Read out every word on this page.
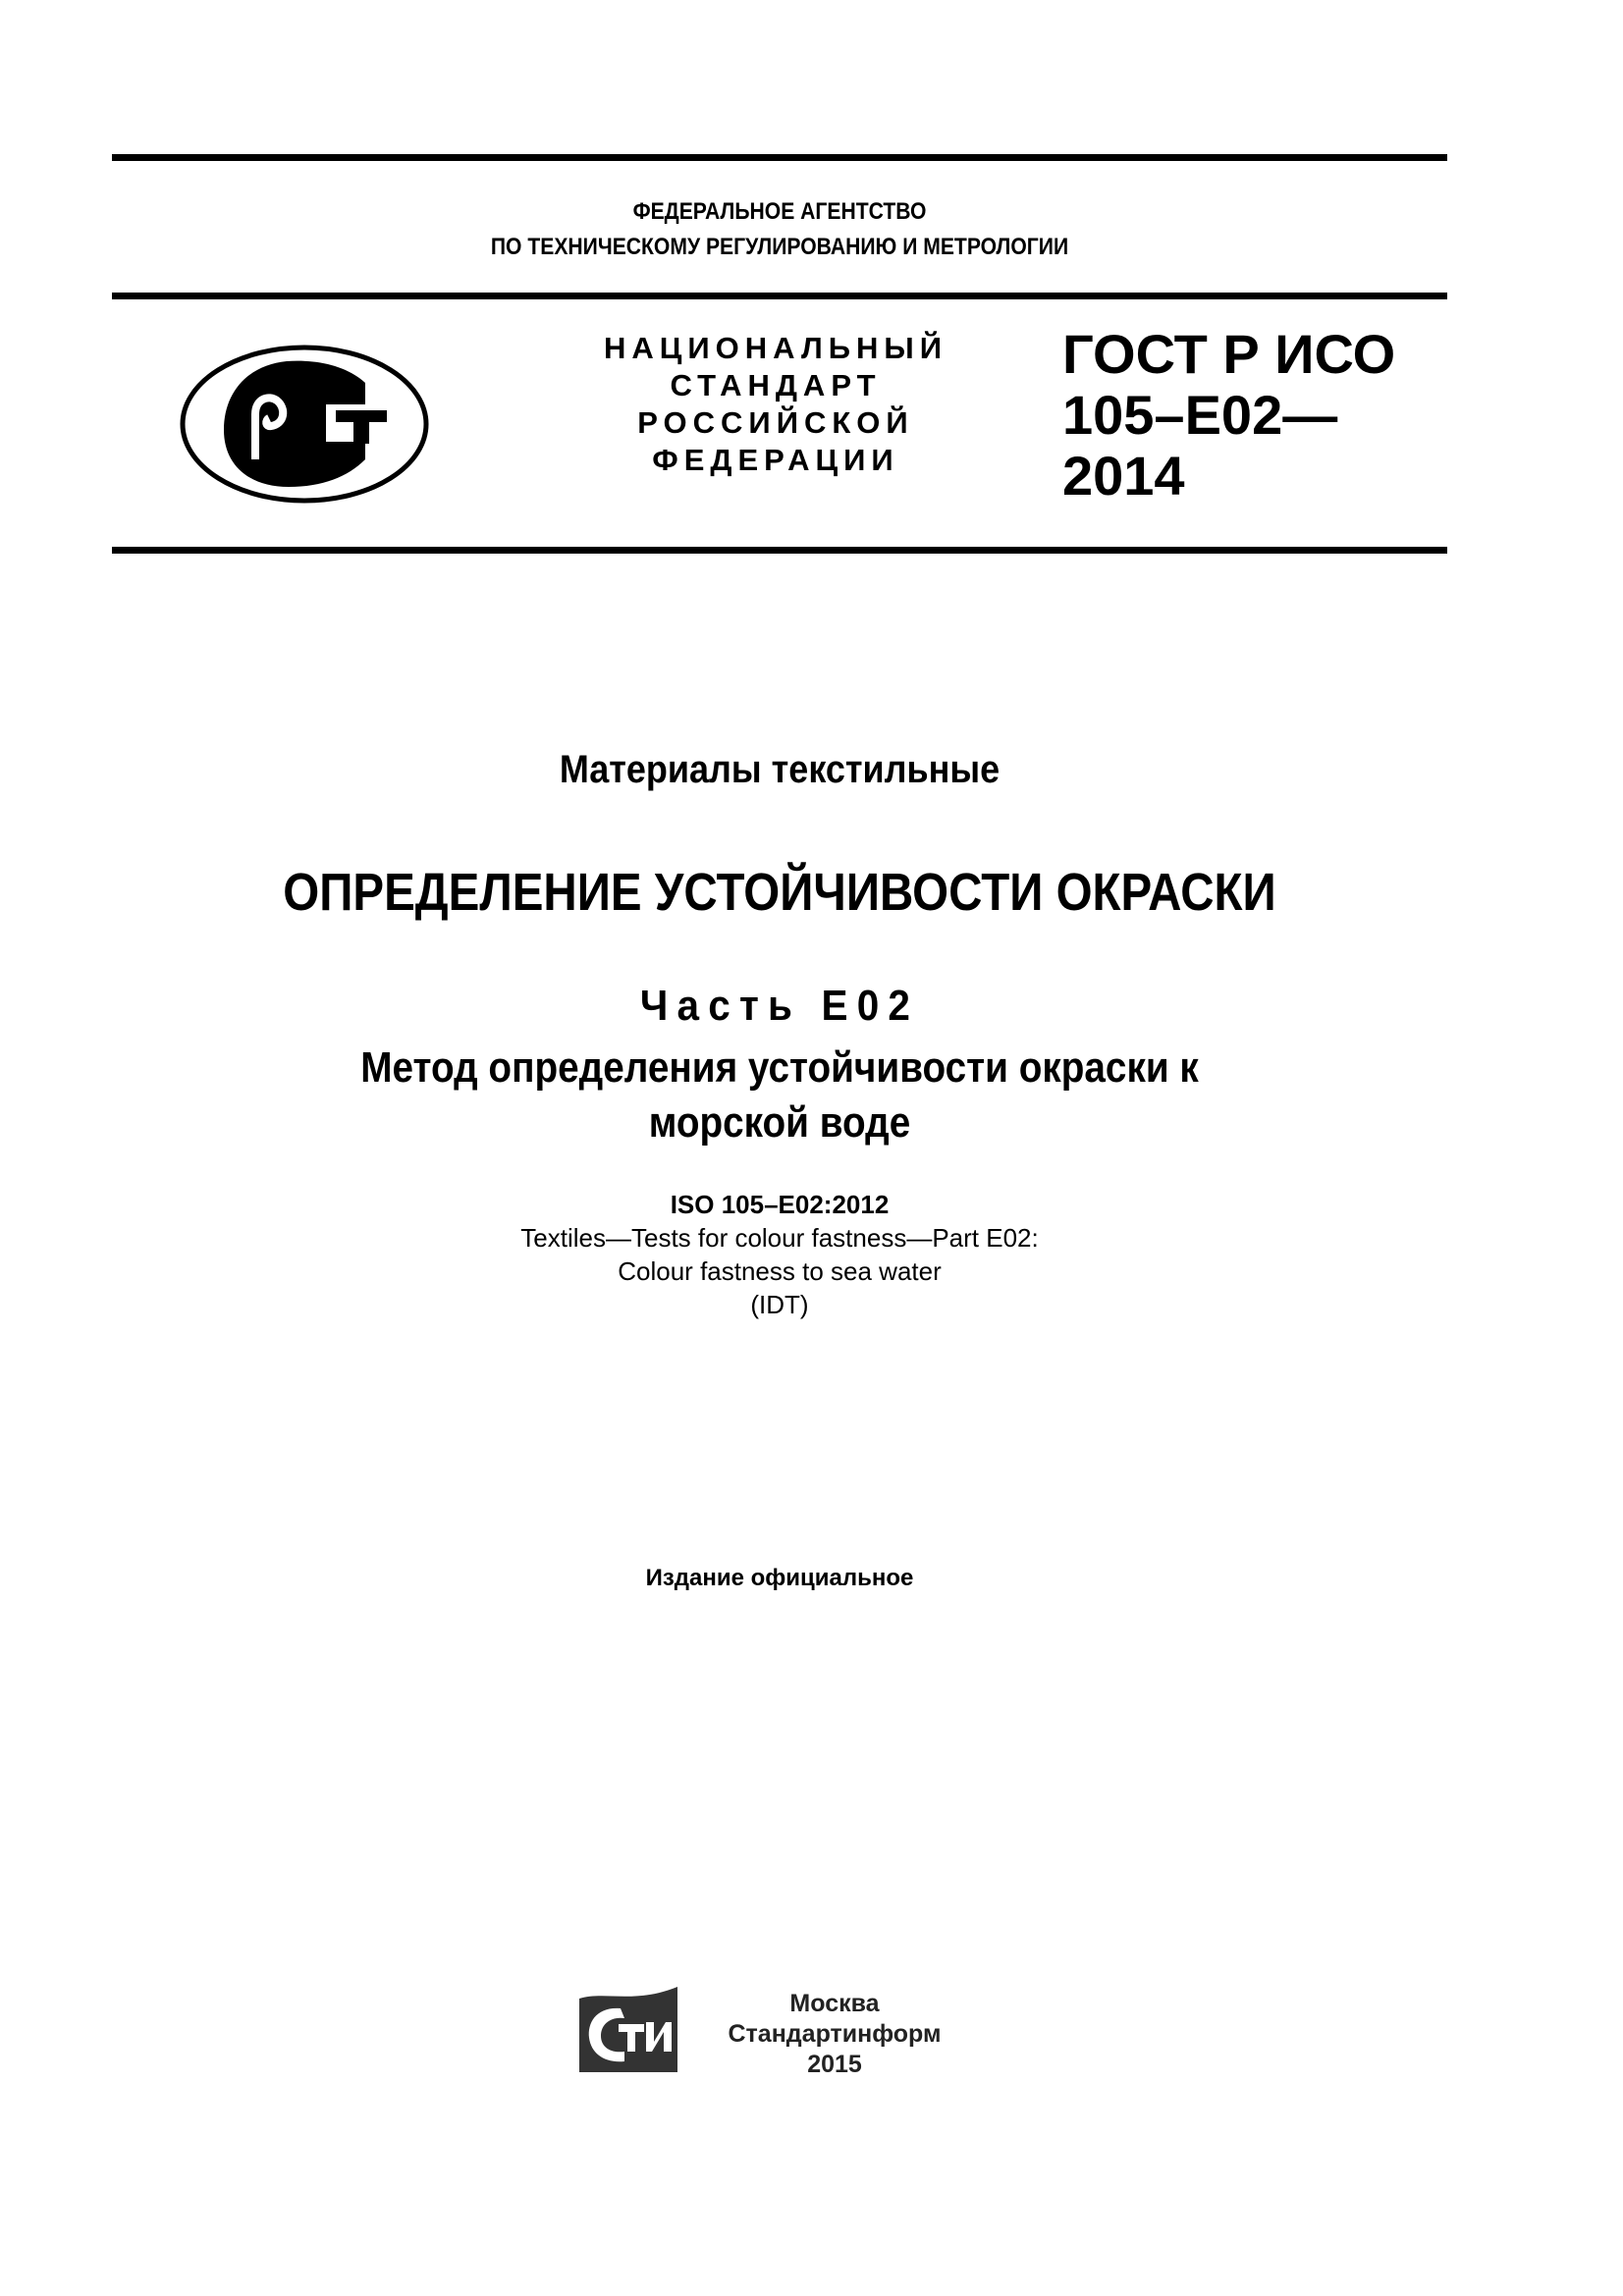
ФЕДЕРАЛЬНОЕ АГЕНТСТВО
ПО ТЕХНИЧЕСКОМУ РЕГУЛИРОВАНИЮ И МЕТРОЛОГИИ
НАЦИОНАЛЬНЫЙ
СТАНДАРТ
РОССИЙСКОЙ
ФЕДЕРАЦИИ
ГОСТ Р ИСО
105–E02—
2014
Материалы текстильные
ОПРЕДЕЛЕНИЕ УСТОЙЧИВОСТИ ОКРАСКИ
Часть E02
Метод определения устойчивости окраски к
морской воде
ISO 105–E02:2012
Textiles—Tests for colour fastness—Part E02:
Colour fastness to sea water
(IDT)
Издание официальное
Москва
Стандартинформ
2015
